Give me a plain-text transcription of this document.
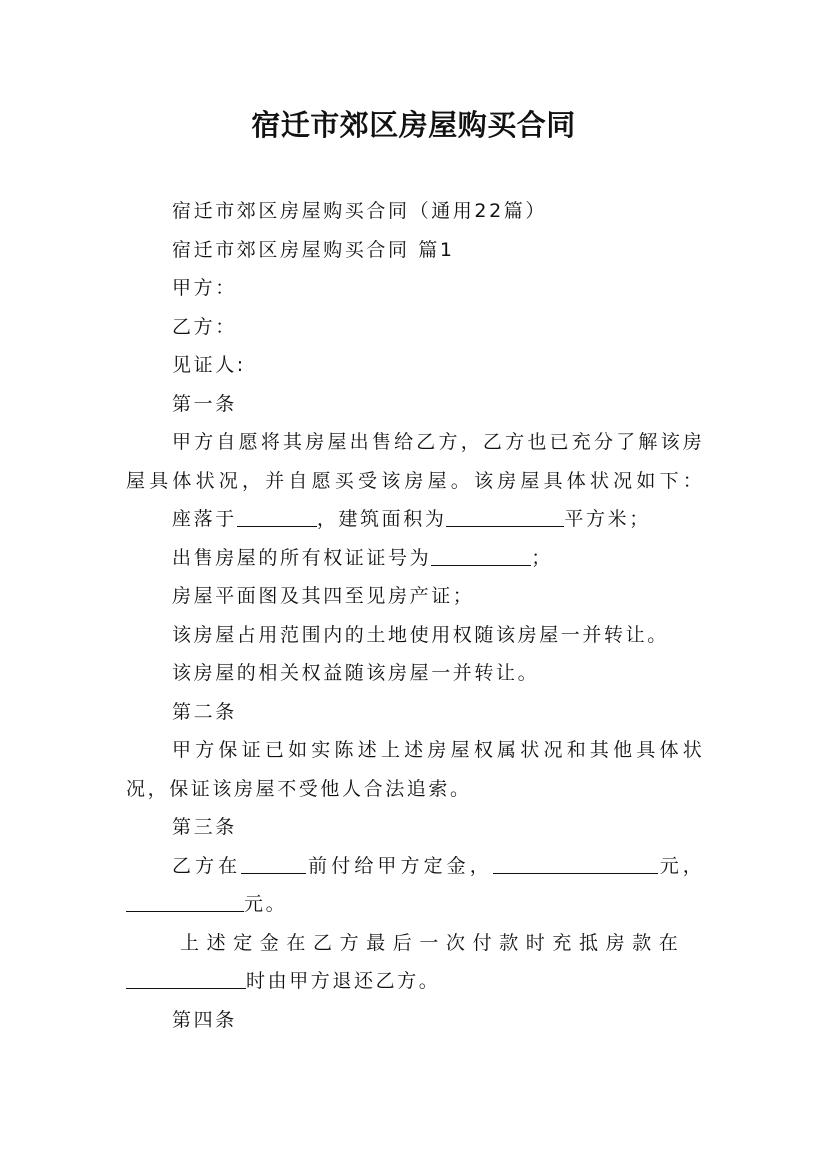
宿迁市郊区房屋购买合同
宿迁市郊区房屋购买合同（通用22篇）
宿迁市郊区房屋购买合同 篇1
甲方：
乙方：
见证人:
第一条
甲方自愿将其房屋出售给乙方，乙方也已充分了解该房
屋具体状况，并自愿买受该房屋。该房屋具体状况如下：
座落于	，建筑面积为	平方米；
出售房屋的所有权证证号为	；
房屋平面图及其四至见房产证；
该房屋占用范围内的土地使用权随该房屋一并转让。
该房屋的相关权益随该房屋一并转让。
第二条
甲方保证已如实陈述上述房屋权属状况和其他具体状
况，保证该房屋不受他人合法追索。
第三条
乙方在	前付给甲方定金，	元，
元。
上述定金在乙方最后一次付款时充抵房款在
时由甲方退还乙方。
第四条
